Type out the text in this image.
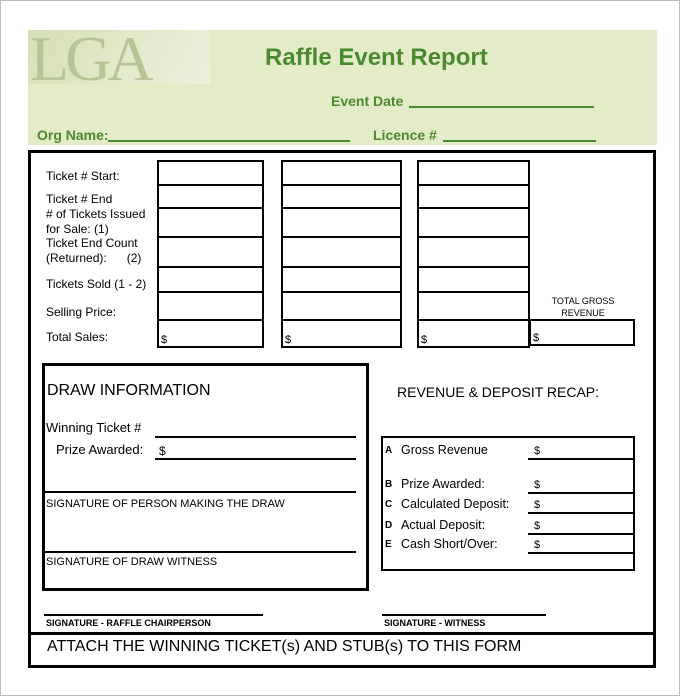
LGA	Raffle Event Report
Event Date
Org Name:	Licence #
Ticket # Start:
Ticket # End
# of Tickets Issued
for Sale: (1)
Ticket End Count
(Returned):      (2)
Tickets Sold (1 - 2)
Selling Price:
Total Sales:	$	$	$
TOTAL GROSS REVENUE
$
DRAW INFORMATION
Winning Ticket #
Prize Awarded: $
SIGNATURE OF PERSON MAKING THE DRAW
SIGNATURE OF DRAW WITNESS
REVENUE & DEPOSIT RECAP:
A Gross Revenue	$
B Prize Awarded:	$
C Calculated Deposit: $
D Actual Deposit:	$
E Cash Short/Over:	$
SIGNATURE - RAFFLE CHAIRPERSON	SIGNATURE - WITNESS
ATTACH THE WINNING TICKET(s) AND STUB(s) TO THIS FORM
